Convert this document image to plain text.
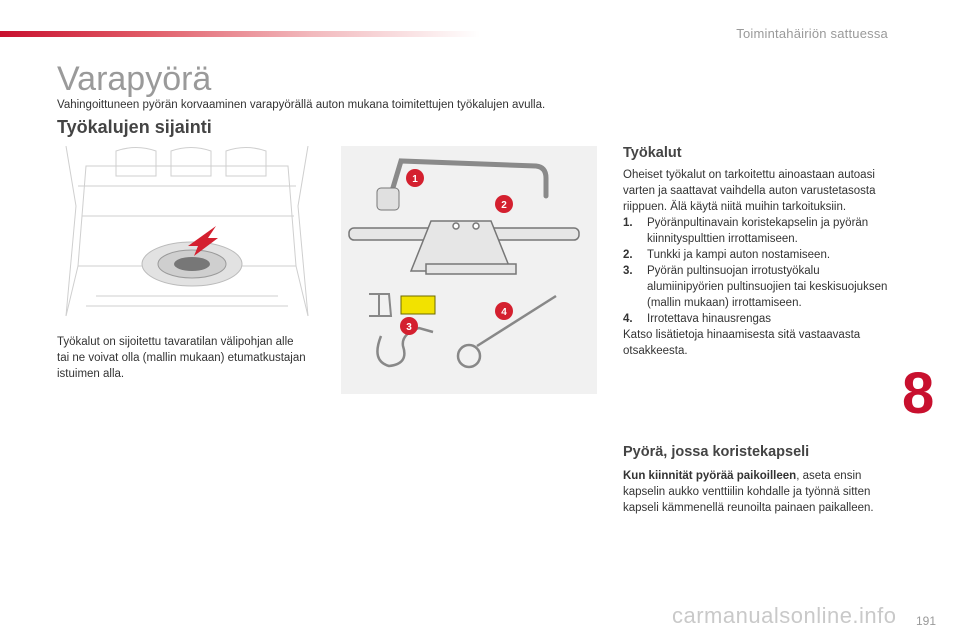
Toimintahäiriön sattuessa
Varapyörä
Vahingoittuneen pyörän korvaaminen varapyörällä auton mukana toimitettujen työkalujen avulla.
Työkalujen sijainti
Työkalut on sijoitettu tavaratilan välipohjan alle tai ne voivat olla (mallin mukaan) etumatkustajan istuimen alla.
1
2
3
4
Työkalut
Oheiset työkalut on tarkoitettu ainoastaan autoasi varten ja saattavat vaihdella auton varustetasosta riippuen. Älä käytä niitä muihin tarkoituksiin.
1.	Pyöränpultinavain koristekapselin ja pyörän kiinnityspulttien irrottamiseen.
2.	Tunkki ja kampi auton nostamiseen.
3.	Pyörän pultinsuojan irrotustyökalu alumiinipyörien pultinsuojien tai keskisuojuksen (mallin mukaan) irrottamiseen.
4.	Irrotettava hinausrengas
Katso lisätietoja hinaamisesta sitä vastaavasta otsakkeesta.
Pyörä, jossa koristekapseli
Kun kiinnität pyörää paikoilleen, aseta ensin kapselin aukko venttiilin kohdalle ja työnnä sitten kapseli kämmenellä reunoilta painaen paikalleen.
8
carmanualsonline.info 191
